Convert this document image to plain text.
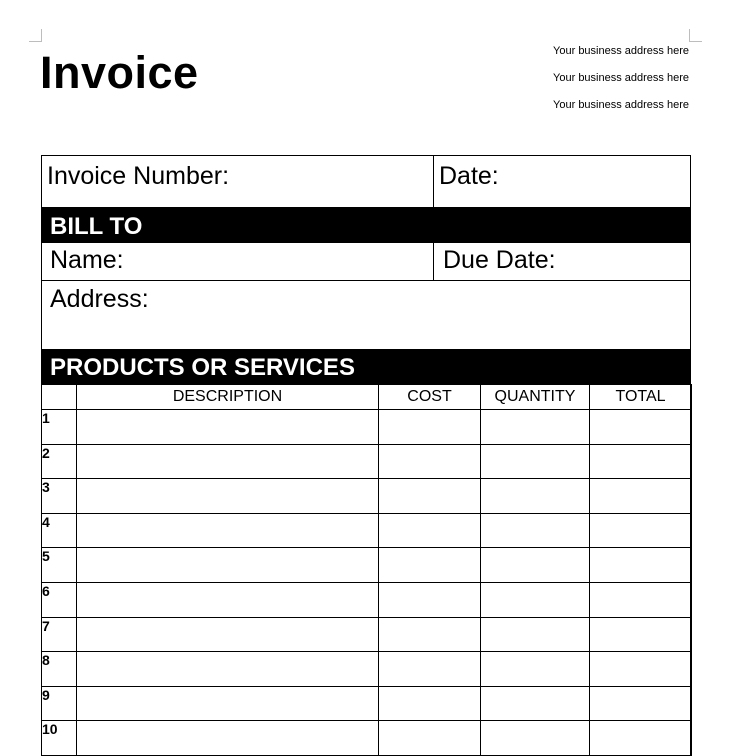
Invoice	Your business address here
Your business address here
Your business address here
Invoice Number:	Date:
BILL TO
Name:	Due Date:
Address:
PRODUCTS OR SERVICES
	DESCRIPTION	COST	QUANTITY	TOTAL
1				
2				
3				
4				
5				
6				
7				
8				
9				
10				
